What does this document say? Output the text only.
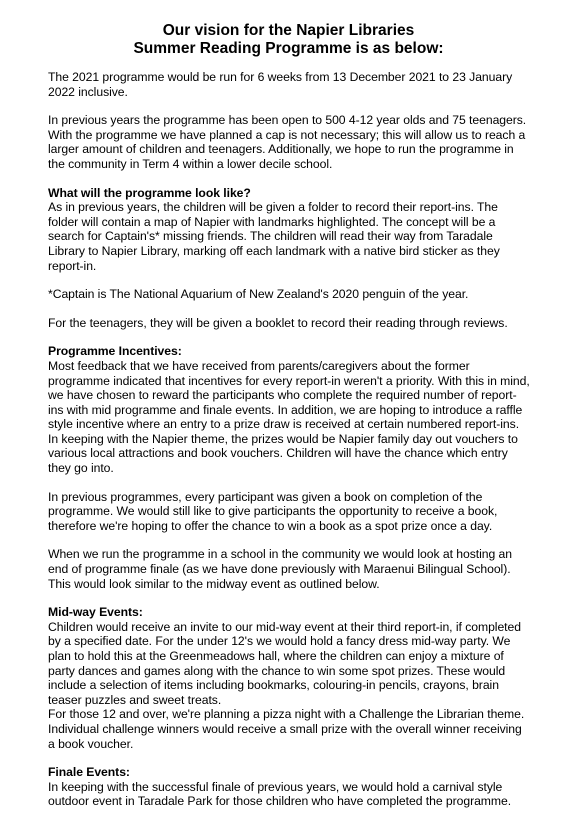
Our vision for the Napier Libraries
Summer Reading Programme is as below:

The 2021 programme would be run for 6 weeks from 13 December 2021 to 23 January 2022 inclusive.

In previous years the programme has been open to 500 4-12 year olds and 75 teenagers. With the programme we have planned a cap is not necessary; this will allow us to reach a larger amount of children and teenagers. Additionally, we hope to run the programme in the community in Term 4 within a lower decile school.

What will the programme look like?

As in previous years, the children will be given a folder to record their report-ins. The folder will contain a map of Napier with landmarks highlighted. The concept will be a search for Captain's* missing friends. The children will read their way from Taradale Library to Napier Library, marking off each landmark with a native bird sticker as they report-in.

*Captain is The National Aquarium of New Zealand's 2020 penguin of the year.

For the teenagers, they will be given a booklet to record their reading through reviews.

Programme Incentives:

Most feedback that we have received from parents/caregivers about the former programme indicated that incentives for every report-in weren't a priority. With this in mind, we have chosen to reward the participants who complete the required number of report-ins with mid programme and finale events. In addition, we are hoping to introduce a raffle style incentive where an entry to a prize draw is received at certain numbered report-ins. In keeping with the Napier theme, the prizes would be Napier family day out vouchers to various local attractions and book vouchers. Children will have the chance which entry they go into.

In previous programmes, every participant was given a book on completion of the programme. We would still like to give participants the opportunity to receive a book, therefore we're hoping to offer the chance to win a book as a spot prize once a day.

When we run the programme in a school in the community we would look at hosting an end of programme finale (as we have done previously with Maraenui Bilingual School). This would look similar to the midway event as outlined below.

Mid-way Events:

Children would receive an invite to our mid-way event at their third report-in, if completed by a specified date. For the under 12's we would hold a fancy dress mid-way party. We plan to hold this at the Greenmeadows hall, where the children can enjoy a mixture of party dances and games along with the chance to win some spot prizes. These would include a selection of items including bookmarks, colouring-in pencils, crayons, brain teaser puzzles and sweet treats.

For those 12 and over, we're planning a pizza night with a Challenge the Librarian theme. Individual challenge winners would receive a small prize with the overall winner receiving a book voucher.

Finale Events:

In keeping with the successful finale of previous years, we would hold a carnival style outdoor event in Taradale Park for those children who have completed the programme.
